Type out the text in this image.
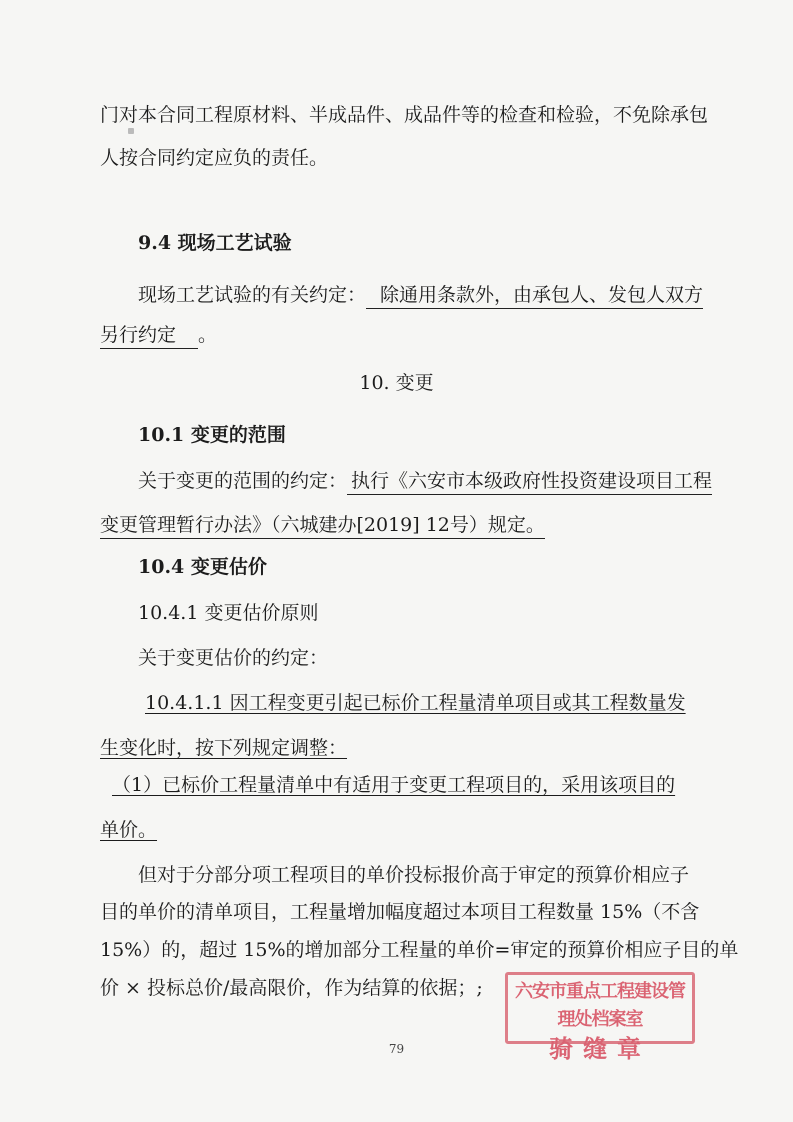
门对本合同工程原材料、半成品件、成品件等的检查和检验，不免除承包
人按合同约定应负的责任。
9.4 现场工艺试验
现场工艺试验的有关约定： 除通用条款外，由承包人、发包人双方
另行约定 。
10. 变更
10.1 变更的范围
关于变更的范围的约定： 执行《六安市本级政府性投资建设项目工程
变更管理暂行办法》（六城建办[2019] 12号）规定。
10.4 变更估价
10.4.1 变更估价原则
关于变更估价的约定：
10.4.1.1 因工程变更引起已标价工程量清单项目或其工程数量发
生变化时，按下列规定调整：
（1）已标价工程量清单中有适用于变更工程项目的，采用该项目的
单价。
但对于分部分项工程项目的单价投标报价高于审定的预算价相应子
目的单价的清单项目，工程量增加幅度超过本项目工程数量 15%（不含
15%）的，超过 15%的增加部分工程量的单价=审定的预算价相应子目的单
价 × 投标总价/最高限价，作为结算的依据；;	六安市重点工程建设管理处档案室
骑缝章
79
